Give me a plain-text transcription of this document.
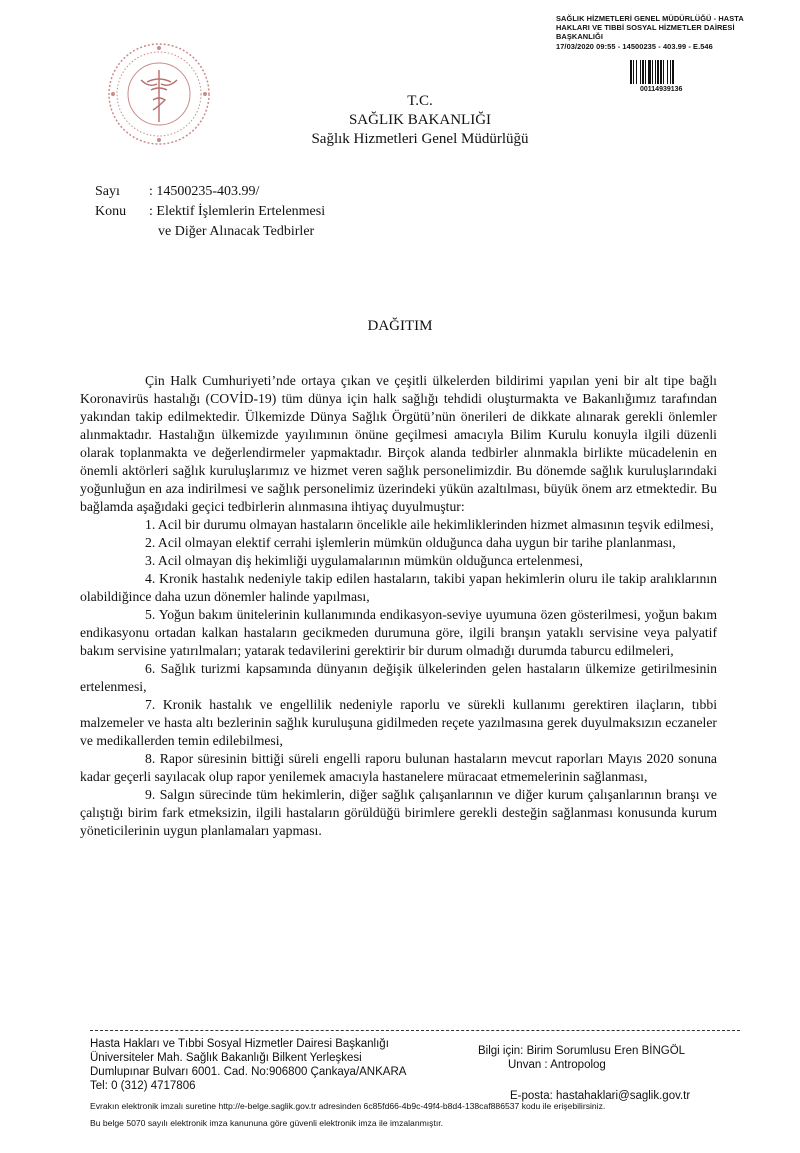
SAĞLIK HİZMETLERİ GENEL MÜDÜRLÜĞÜ - HASTA
HAKLARI VE TIBBİ SOSYAL HİZMETLER DAİRESİ
BAŞKANLIĞI
17/03/2020 09:55 - 14500235 - 403.99 - E.546
00114939136
T.C.
SAĞLIK BAKANLIĞI
Sağlık Hizmetleri Genel Müdürlüğü
Sayı	: 14500235-403.99/
Konu	: Elektif İşlemlerin Ertelenmesi
ve Diğer Alınacak Tedbirler
DAĞITIM

Çin Halk Cumhuriyeti’nde ortaya çıkan ve çeşitli ülkelerden bildirimi yapılan yeni bir alt tipe bağlı Koronavirüs hastalığı (COVİD-19) tüm dünya için halk sağlığı tehdidi oluşturmakta ve Bakanlığımız tarafından yakından takip edilmektedir. Ülkemizde Dünya Sağlık Örgütü’nün önerileri de dikkate alınarak gerekli önlemler alınmaktadır. Hastalığın ülkemizde yayılımının önüne geçilmesi amacıyla Bilim Kurulu konuyla ilgili düzenli olarak toplanmakta ve değerlendirmeler yapmaktadır. Birçok alanda tedbirler alınmakla birlikte mücadelenin en önemli aktörleri sağlık kuruluşlarımız ve hizmet veren sağlık personelimizdir. Bu dönemde sağlık kuruluşlarındaki yoğunluğun en aza indirilmesi ve sağlık personelimiz üzerindeki yükün azaltılması, büyük önem arz etmektedir. Bu bağlamda aşağıdaki geçici tedbirlerin alınmasına ihtiyaç duyulmuştur:

1. Acil bir durumu olmayan hastaların öncelikle aile hekimliklerinden hizmet almasının teşvik edilmesi,

2. Acil olmayan elektif cerrahi işlemlerin mümkün olduğunca daha uygun bir tarihe planlanması,

3. Acil olmayan diş hekimliği uygulamalarının mümkün olduğunca ertelenmesi,

4. Kronik hastalık nedeniyle takip edilen hastaların, takibi yapan hekimlerin oluru ile takip aralıklarının olabildiğince daha uzun dönemler halinde yapılması,

5. Yoğun bakım ünitelerinin kullanımında endikasyon-seviye uyumuna özen gösterilmesi, yoğun bakım endikasyonu ortadan kalkan hastaların gecikmeden durumuna göre, ilgili branşın yataklı servisine veya palyatif bakım servisine yatırılmaları; yatarak tedavilerini gerektirir bir durum olmadığı durumda taburcu edilmeleri,

6. Sağlık turizmi kapsamında dünyanın değişik ülkelerinden gelen hastaların ülkemize getirilmesinin ertelenmesi,

7. Kronik hastalık ve engellilik nedeniyle raporlu ve sürekli kullanımı gerektiren ilaçların, tıbbi malzemeler ve hasta altı bezlerinin sağlık kuruluşuna gidilmeden reçete yazılmasına gerek duyulmaksızın eczaneler ve medikallerden temin edilebilmesi,

8. Rapor süresinin bittiği süreli engelli raporu bulunan hastaların mevcut raporları Mayıs 2020 sonuna kadar geçerli sayılacak olup rapor yenilemek amacıyla hastanelere müracaat etmemelerinin sağlanması,

9. Salgın sürecinde tüm hekimlerin, diğer sağlık çalışanlarının ve diğer kurum çalışanlarının branşı ve çalıştığı birim fark etmeksizin, ilgili hastaların görüldüğü birimlere gerekli desteğin sağlanması konusunda kurum yöneticilerinin uygun planlamaları yapması.

Hasta Hakları ve Tıbbi Sosyal Hizmetler Dairesi Başkanlığı
Üniversiteler Mah. Sağlık Bakanlığı Bilkent Yerleşkesi
Dumlupınar Bulvarı 6001. Cad. No:906800 Çankaya/ANKARA
Tel: 0 (312) 4717806
Bilgi için: Birim Sorumlusu Eren BİNGÖL
Unvan : Antropolog
E-posta: hastahaklari@saglik.gov.tr
Evrakın elektronik imzalı suretine http://e-belge.saglik.gov.tr adresinden 6c85fd66-4b9c-49f4-b8d4-138caf886537 kodu ile erişebilirsiniz.
Bu belge 5070 sayılı elektronik imza kanununa göre güvenli elektronik imza ile imzalanmıştır.
